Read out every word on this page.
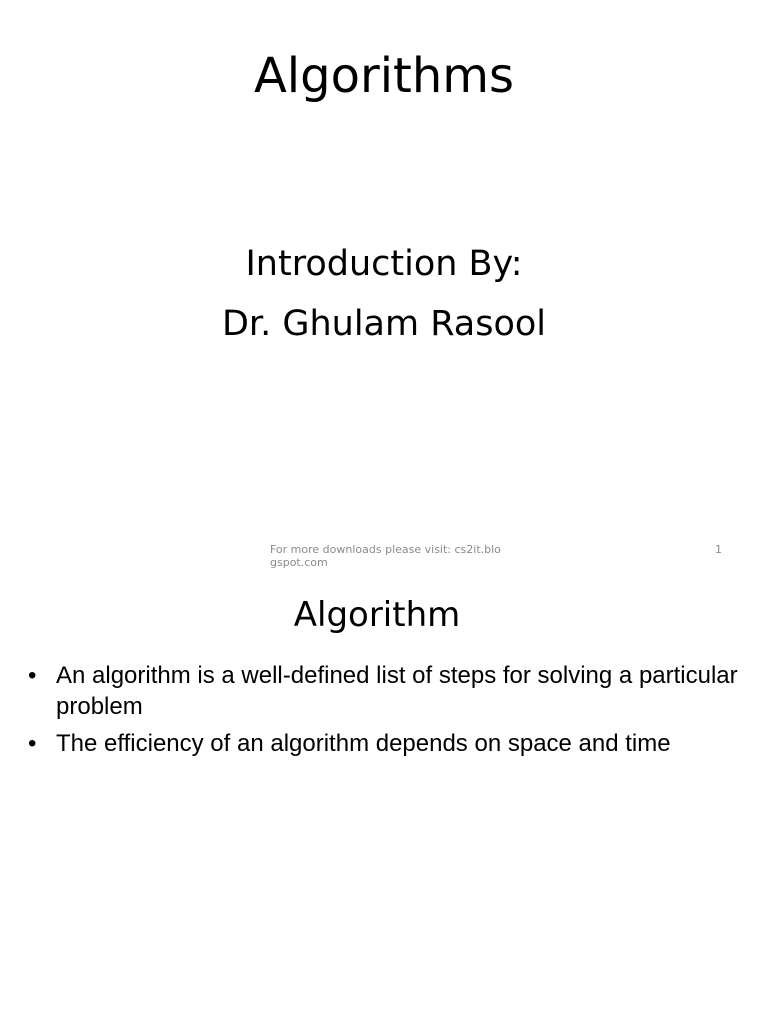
Algorithms
Introduction By:
Dr. Ghulam Rasool
For more downloads please visit: cs2it.blogspot.com
1
Algorithm
• An algorithm is a well-defined list of steps for solving a particular problem
• The efficiency of an algorithm depends on space and time
